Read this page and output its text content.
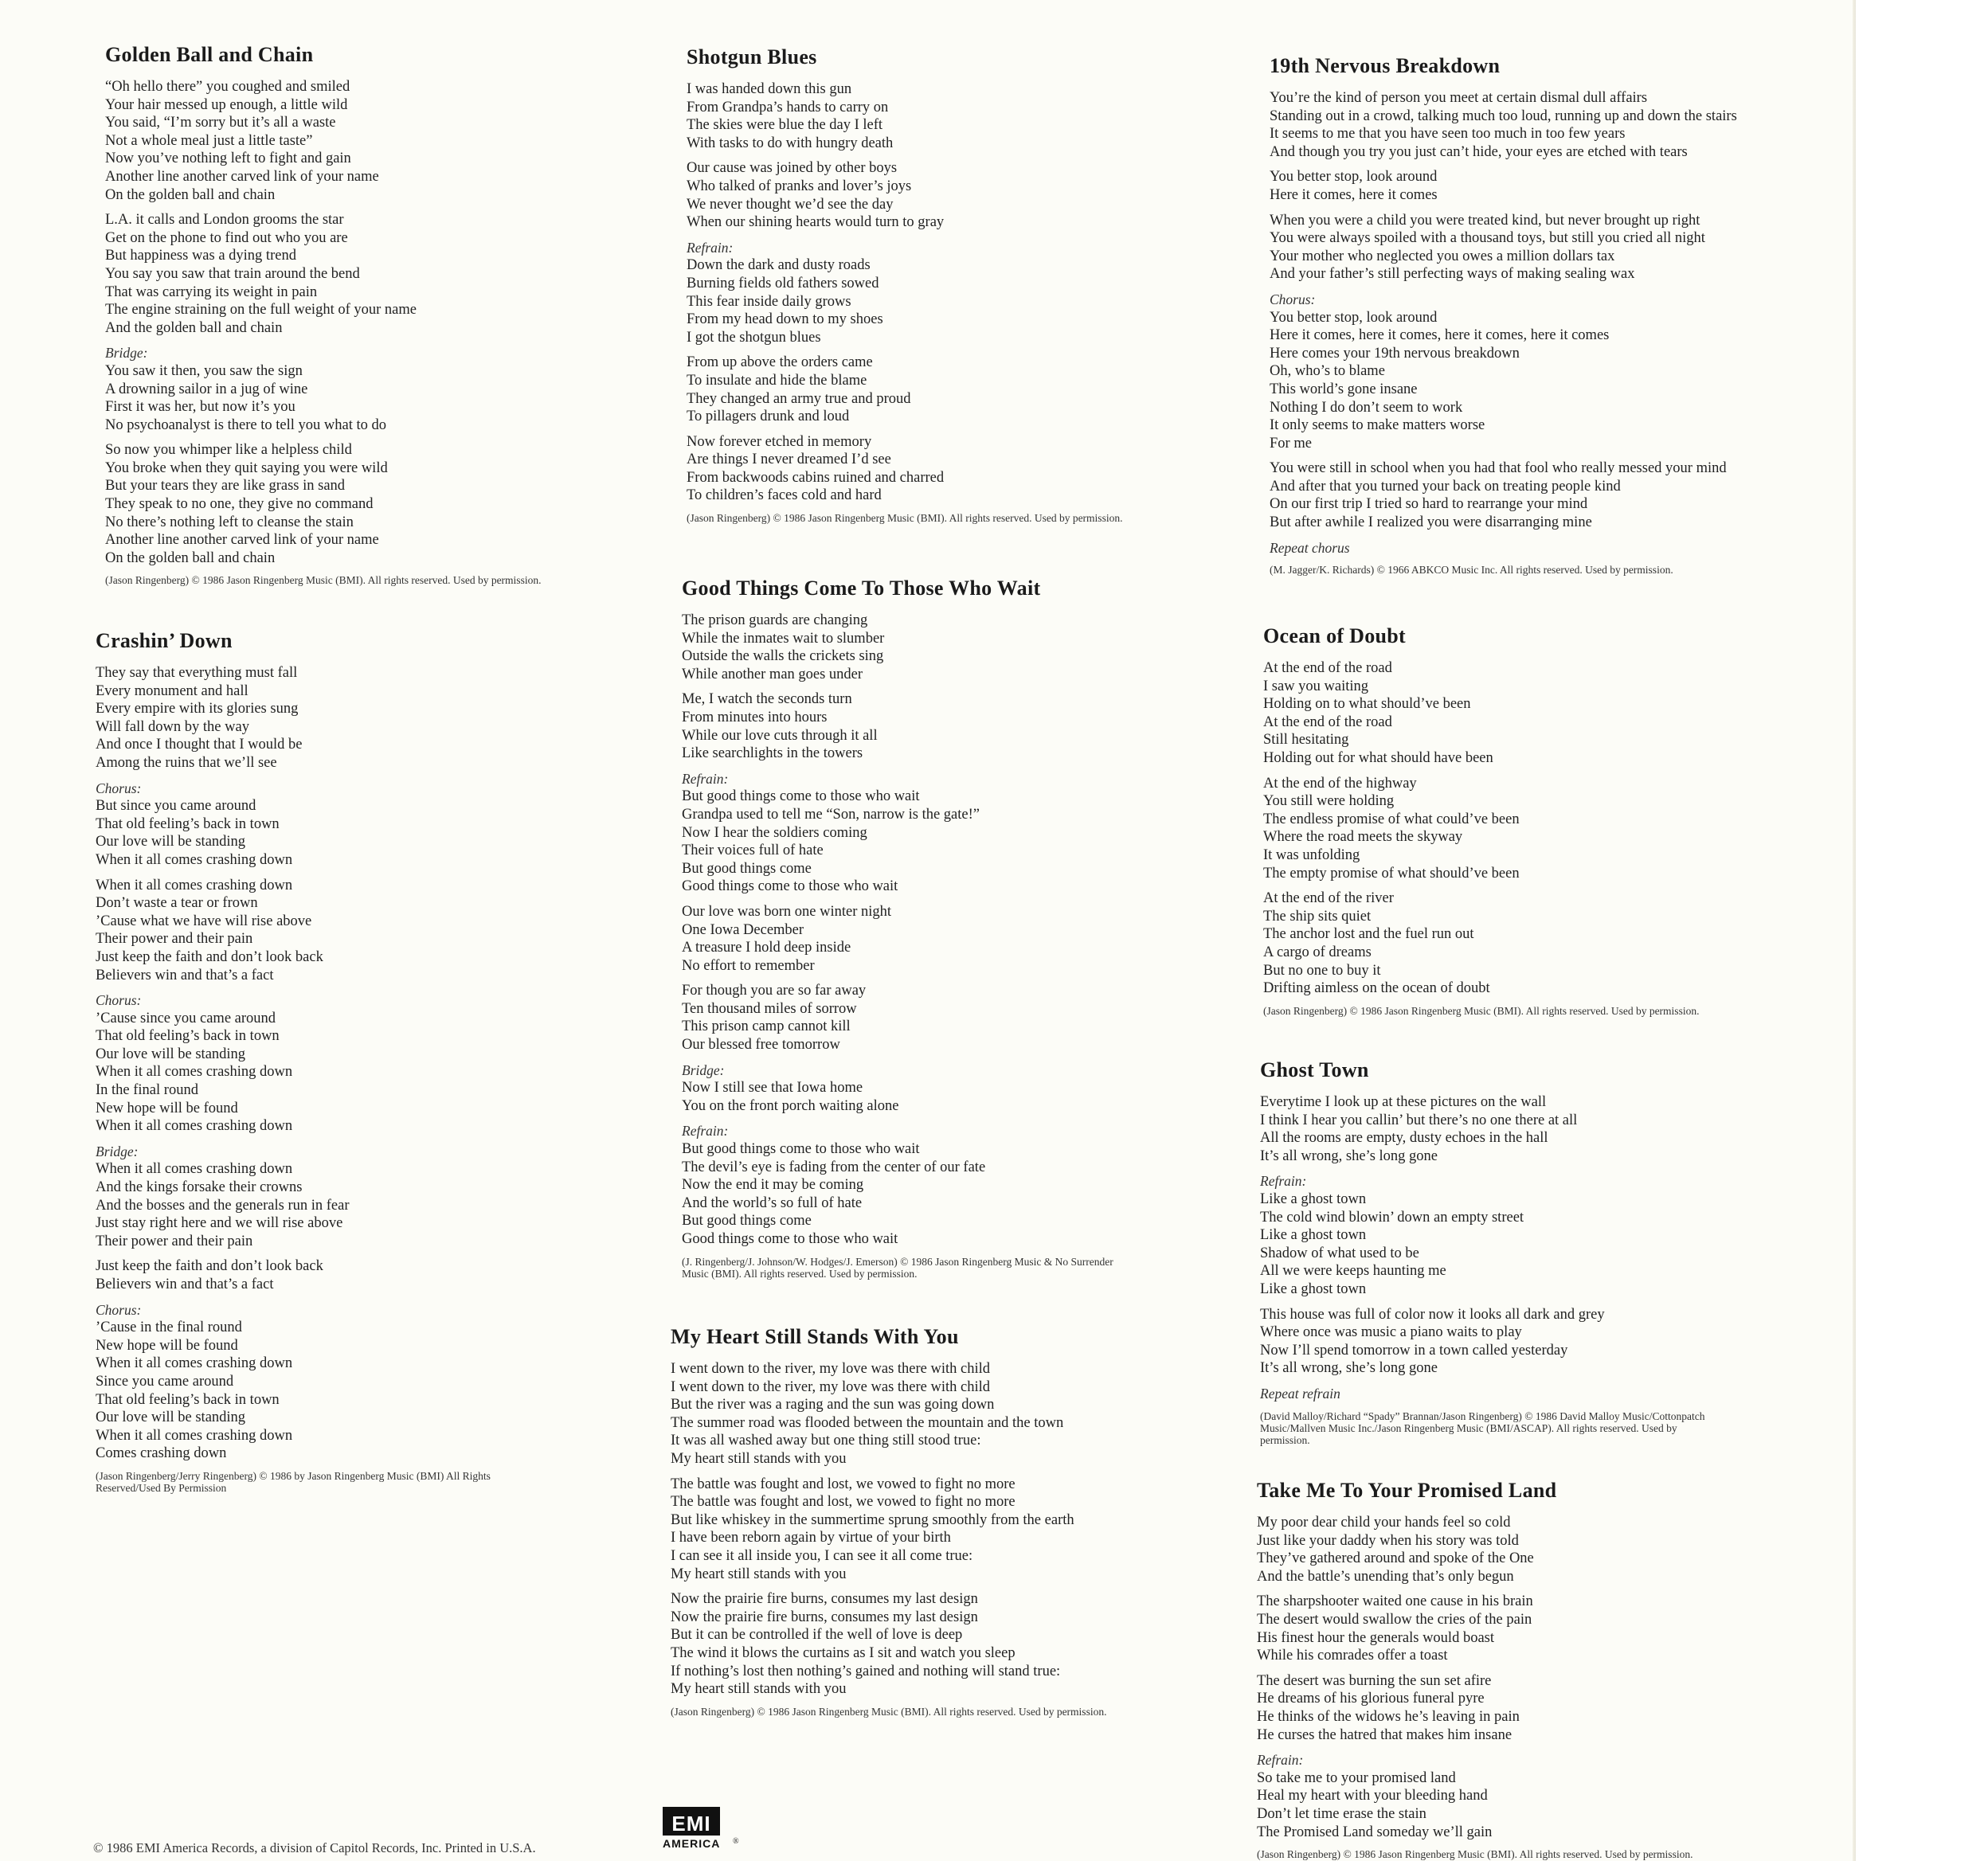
Golden Ball and Chain
“Oh hello there” you coughed and smiled
Your hair messed up enough, a little wild
You said, “I’m sorry but it’s all a waste
Not a whole meal just a little taste”
Now you’ve nothing left to fight and gain
Another line another carved link of your name
On the golden ball and chain
L.A. it calls and London grooms the star
Get on the phone to find out who you are
But happiness was a dying trend
You say you saw that train around the bend
That was carrying its weight in pain
The engine straining on the full weight of your name
And the golden ball and chain
Bridge:
You saw it then, you saw the sign
A drowning sailor in a jug of wine
First it was her, but now it’s you
No psychoanalyst is there to tell you what to do
So now you whimper like a helpless child
You broke when they quit saying you were wild
But your tears they are like grass in sand
They speak to no one, they give no command
No there’s nothing left to cleanse the stain
Another line another carved link of your name
On the golden ball and chain
(Jason Ringenberg) © 1986 Jason Ringenberg Music (BMI). All rights reserved. Used by permission.
Crashin’ Down
They say that everything must fall
Every monument and hall
Every empire with its glories sung
Will fall down by the way
And once I thought that I would be
Among the ruins that we’ll see
Chorus:
But since you came around
That old feeling’s back in town
Our love will be standing
When it all comes crashing down
When it all comes crashing down
Don’t waste a tear or frown
’Cause what we have will rise above
Their power and their pain
Just keep the faith and don’t look back
Believers win and that’s a fact
Chorus:
’Cause since you came around
That old feeling’s back in town
Our love will be standing
When it all comes crashing down
In the final round
New hope will be found
When it all comes crashing down
Bridge:
When it all comes crashing down
And the kings forsake their crowns
And the bosses and the generals run in fear
Just stay right here and we will rise above
Their power and their pain
Just keep the faith and don’t look back
Believers win and that’s a fact
Chorus:
’Cause in the final round
New hope will be found
When it all comes crashing down
Since you came around
That old feeling’s back in town
Our love will be standing
When it all comes crashing down
Comes crashing down
(Jason Ringenberg/Jerry Ringenberg) © 1986 by Jason Ringenberg Music (BMI) All Rights Reserved/Used By Permission
Shotgun Blues
I was handed down this gun
From Grandpa’s hands to carry on
The skies were blue the day I left
With tasks to do with hungry death
Our cause was joined by other boys
Who talked of pranks and lover’s joys
We never thought we’d see the day
When our shining hearts would turn to gray
Refrain:
Down the dark and dusty roads
Burning fields old fathers sowed
This fear inside daily grows
From my head down to my shoes
I got the shotgun blues
From up above the orders came
To insulate and hide the blame
They changed an army true and proud
To pillagers drunk and loud
Now forever etched in memory
Are things I never dreamed I’d see
From backwoods cabins ruined and charred
To children’s faces cold and hard
(Jason Ringenberg) © 1986 Jason Ringenberg Music (BMI). All rights reserved. Used by permission.
Good Things Come To Those Who Wait
The prison guards are changing
While the inmates wait to slumber
Outside the walls the crickets sing
While another man goes under
Me, I watch the seconds turn
From minutes into hours
While our love cuts through it all
Like searchlights in the towers
Refrain:
But good things come to those who wait
Grandpa used to tell me “Son, narrow is the gate!”
Now I hear the soldiers coming
Their voices full of hate
But good things come
Good things come to those who wait
Our love was born one winter night
One Iowa December
A treasure I hold deep inside
No effort to remember
For though you are so far away
Ten thousand miles of sorrow
This prison camp cannot kill
Our blessed free tomorrow
Bridge:
Now I still see that Iowa home
You on the front porch waiting alone
Refrain:
But good things come to those who wait
The devil’s eye is fading from the center of our fate
Now the end it may be coming
And the world’s so full of hate
But good things come
Good things come to those who wait
(J. Ringenberg/J. Johnson/W. Hodges/J. Emerson) © 1986 Jason Ringenberg Music & No Surrender Music (BMI). All rights reserved. Used by permission.
My Heart Still Stands With You
I went down to the river, my love was there with child
I went down to the river, my love was there with child
But the river was a raging and the sun was going down
The summer road was flooded between the mountain and the town
It was all washed away but one thing still stood true:
My heart still stands with you
The battle was fought and lost, we vowed to fight no more
The battle was fought and lost, we vowed to fight no more
But like whiskey in the summertime sprung smoothly from the earth
I have been reborn again by virtue of your birth
I can see it all inside you, I can see it all come true:
My heart still stands with you
Now the prairie fire burns, consumes my last design
Now the prairie fire burns, consumes my last design
But it can be controlled if the well of love is deep
The wind it blows the curtains as I sit and watch you sleep
If nothing’s lost then nothing’s gained and nothing will stand true:
My heart still stands with you
(Jason Ringenberg) © 1986 Jason Ringenberg Music (BMI). All rights reserved. Used by permission.
19th Nervous Breakdown
You’re the kind of person you meet at certain dismal dull affairs
Standing out in a crowd, talking much too loud, running up and down the stairs
It seems to me that you have seen too much in too few years
And though you try you just can’t hide, your eyes are etched with tears
You better stop, look around
Here it comes, here it comes
When you were a child you were treated kind, but never brought up right
You were always spoiled with a thousand toys, but still you cried all night
Your mother who neglected you owes a million dollars tax
And your father’s still perfecting ways of making sealing wax
Chorus:
You better stop, look around
Here it comes, here it comes, here it comes, here it comes
Here comes your 19th nervous breakdown
Oh, who’s to blame
This world’s gone insane
Nothing I do don’t seem to work
It only seems to make matters worse
For me
You were still in school when you had that fool who really messed your mind
And after that you turned your back on treating people kind
On our first trip I tried so hard to rearrange your mind
But after awhile I realized you were disarranging mine
Repeat chorus
(M. Jagger/K. Richards) © 1966 ABKCO Music Inc. All rights reserved. Used by permission.
Ocean of Doubt
At the end of the road
I saw you waiting
Holding on to what should’ve been
At the end of the road
Still hesitating
Holding out for what should have been
At the end of the highway
You still were holding
The endless promise of what could’ve been
Where the road meets the skyway
It was unfolding
The empty promise of what should’ve been
At the end of the river
The ship sits quiet
The anchor lost and the fuel run out
A cargo of dreams
But no one to buy it
Drifting aimless on the ocean of doubt
(Jason Ringenberg) © 1986 Jason Ringenberg Music (BMI). All rights reserved. Used by permission.
Ghost Town
Everytime I look up at these pictures on the wall
I think I hear you callin’ but there’s no one there at all
All the rooms are empty, dusty echoes in the hall
It’s all wrong, she’s long gone
Refrain:
Like a ghost town
The cold wind blowin’ down an empty street
Like a ghost town
Shadow of what used to be
All we were keeps haunting me
Like a ghost town
This house was full of color now it looks all dark and grey
Where once was music a piano waits to play
Now I’ll spend tomorrow in a town called yesterday
It’s all wrong, she’s long gone
Repeat refrain
(David Malloy/Richard “Spady” Brannan/Jason Ringenberg) © 1986 David Malloy Music/Cottonpatch Music/Mallven Music Inc./Jason Ringenberg Music (BMI/ASCAP). All rights reserved. Used by permission.
Take Me To Your Promised Land
My poor dear child your hands feel so cold
Just like your daddy when his story was told
They’ve gathered around and spoke of the One
And the battle’s unending that’s only begun
The sharpshooter waited one cause in his brain
The desert would swallow the cries of the pain
His finest hour the generals would boast
While his comrades offer a toast
The desert was burning the sun set afire
He dreams of his glorious funeral pyre
He thinks of the widows he’s leaving in pain
He curses the hatred that makes him insane
Refrain:
So take me to your promised land
Heal my heart with your bleeding hand
Don’t let time erase the stain
The Promised Land someday we’ll gain
(Jason Ringenberg) © 1986 Jason Ringenberg Music (BMI). All rights reserved. Used by permission.
© 1986 EMI America Records, a division of Capitol Records, Inc. Printed in U.S.A.
EMI
AMERICA ®
